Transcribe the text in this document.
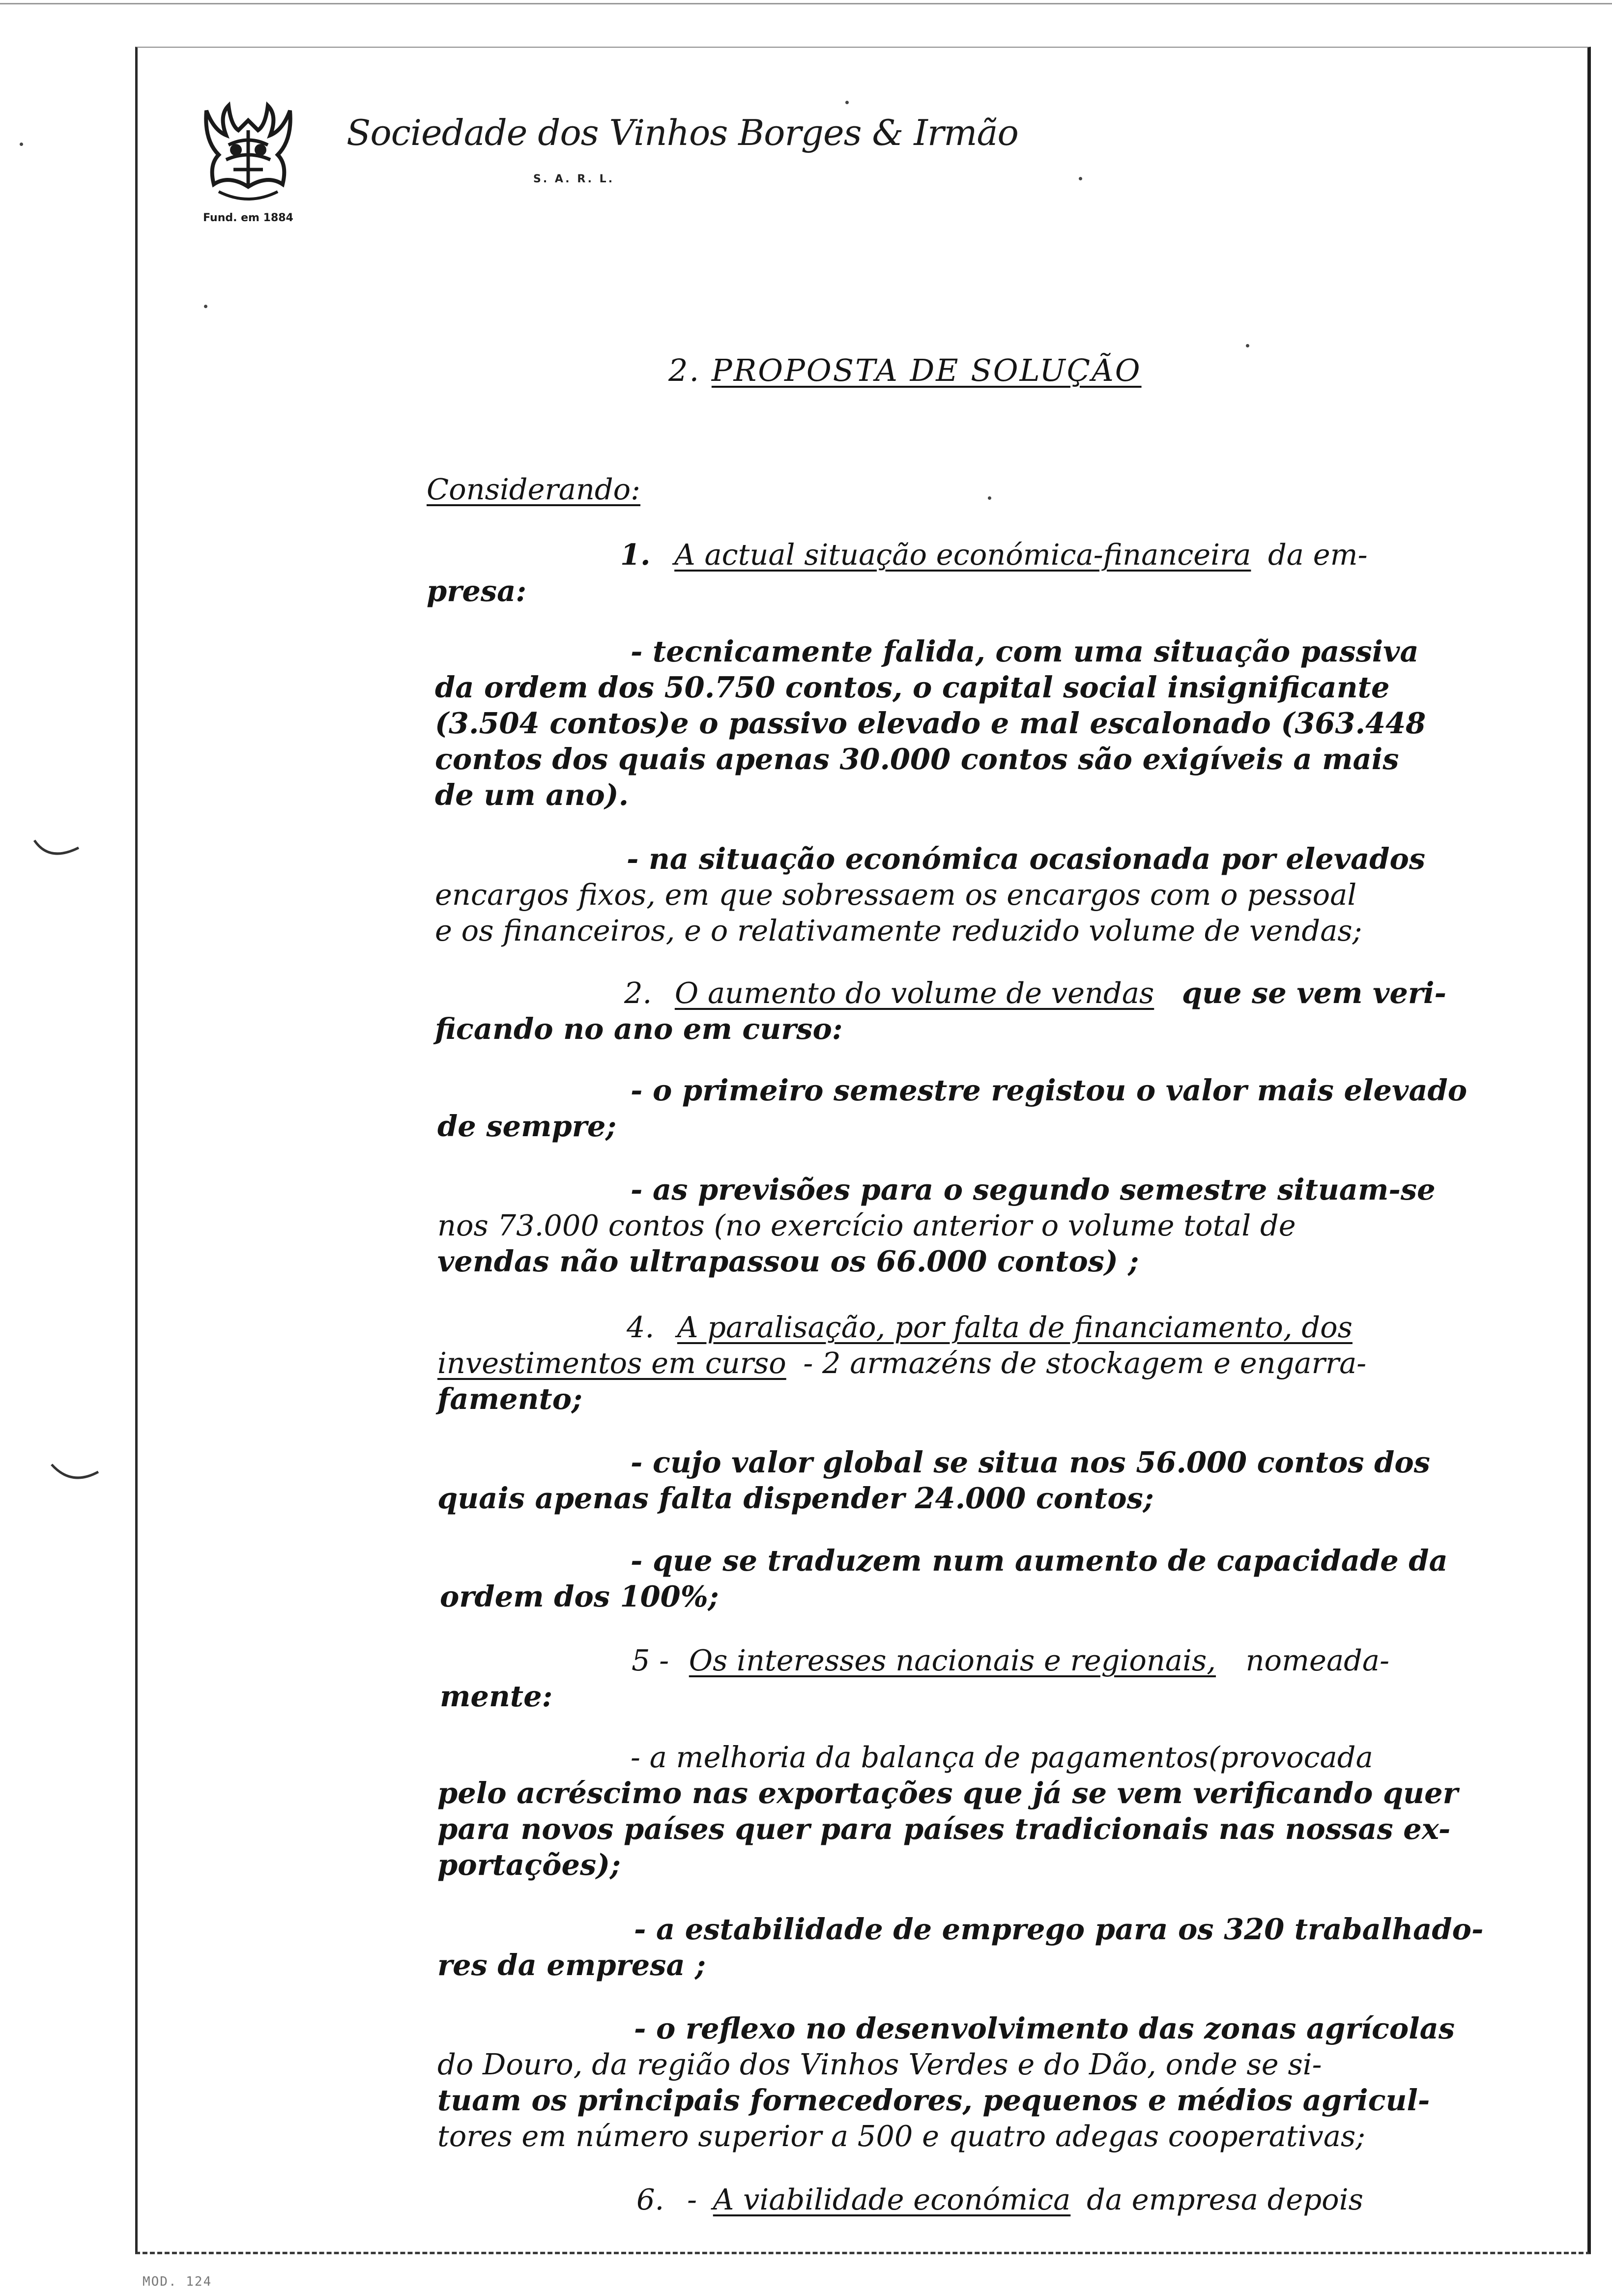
Fund. em 1884
Sociedade dos Vinhos Borges & Irmão
S. A. R. L.
2. PROPOSTA DE SOLUÇÃO
Considerando:
1. A actual situação económica-financeira da em-
presa:
- tecnicamente falida, com uma situação passiva
da ordem dos 50.750 contos, o capital social insignificante
(3.504 contos)e o passivo elevado e mal escalonado (363.448
contos dos quais apenas 30.000 contos são exigíveis a mais
de um ano).
- na situação económica ocasionada por elevados
encargos fixos, em que sobressaem os encargos com o pessoal
e os financeiros, e o relativamente reduzido volume de vendas;
2. O aumento do volume de vendas que se vem veri-
ficando no ano em curso:
- o primeiro semestre registou o valor mais elevado
de sempre;
- as previsões para o segundo semestre situam-se
nos 73.000 contos (no exercício anterior o volume total de
vendas não ultrapassou os 66.000 contos) ;
4. A paralisação, por falta de financiamento, dos
investimentos em curso - 2 armazéns de stockagem e engarra-
famento;
- cujo valor global se situa nos 56.000 contos dos
quais apenas falta dispender 24.000 contos;
- que se traduzem num aumento de capacidade da
ordem dos 100%;
5 - Os interesses nacionais e regionais, nomeada-
mente:
- a melhoria da balança de pagamentos(provocada
pelo acréscimo nas exportações que já se vem verificando quer
para novos países quer para países tradicionais nas nossas ex-
portações);
- a estabilidade de emprego para os 320 trabalhado-
res da empresa ;
- o reflexo no desenvolvimento das zonas agrícolas
do Douro, da região dos Vinhos Verdes e do Dão, onde se si-
tuam os principais fornecedores, pequenos e médios agricul-
tores em número superior a 500 e quatro adegas cooperativas;
6. - A viabilidade económica da empresa depois
MOD. 124
